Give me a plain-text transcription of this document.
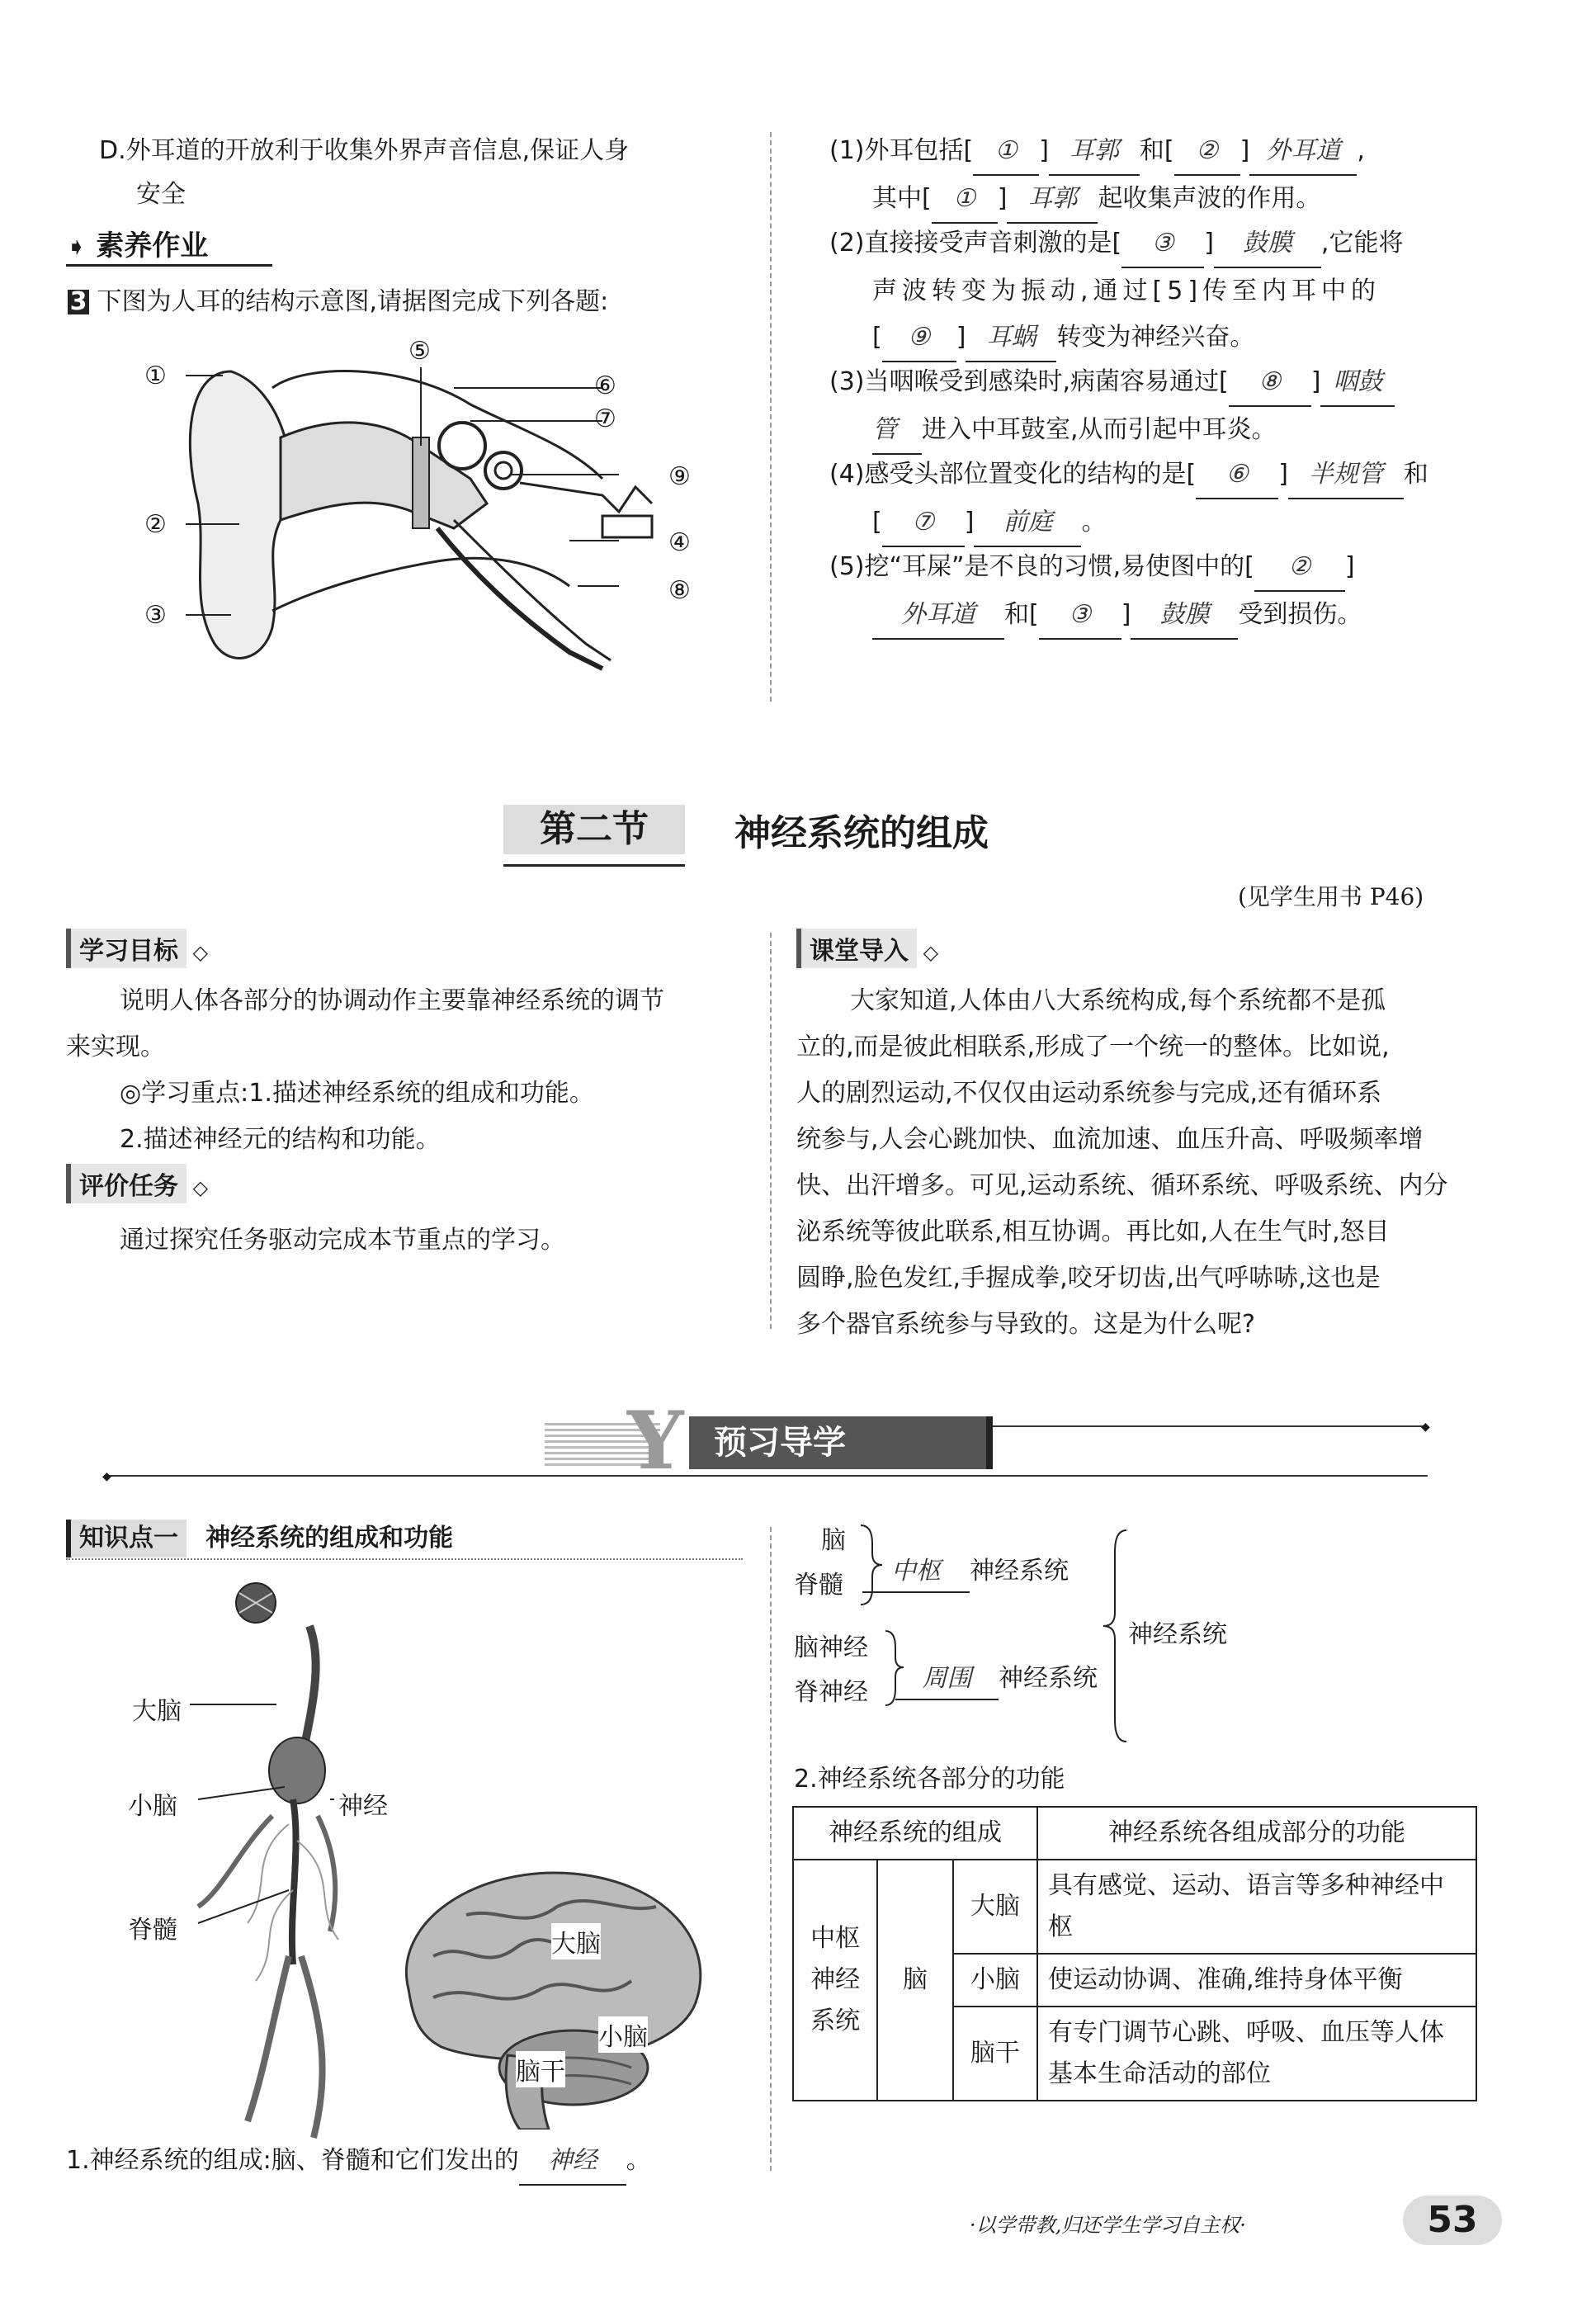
D.外耳道的开放利于收集外界声音信息,保证人身
安全
➧ 素养作业
3 下图为人耳的结构示意图,请据图完成下列各题:
①
②
③
④
⑤
⑥
⑦
⑧
⑨
(1)外耳包括[ ① ] 耳郭 和[ ② ] 外耳道 ,
其中[ ① ] 耳郭 起收集声波的作用。
(2)直接接受声音刺激的是[ ③ ] 鼓膜 ,它能将
声波转变为振动,通过[5]传至内耳中的
[ ⑨ ] 耳蜗 转变为神经兴奋。
(3)当咽喉受到感染时,病菌容易通过[ ⑧ ] 咽鼓
管 进入中耳鼓室,从而引起中耳炎。
(4)感受头部位置变化的结构的是[ ⑥ ] 半规管 和
[ ⑦ ] 前庭 。
(5)挖“耳屎”是不良的习惯,易使图中的[ ② ]
外耳道 和[ ③ ] 鼓膜 受到损伤。
第二节	神经系统的组成
(见学生用书 P46)
学习目标 ◇
说明人体各部分的协调动作主要靠神经系统的调节
来实现。
◎学习重点:1.描述神经系统的组成和功能。
2.描述神经元的结构和功能。
评价任务 ◇
通过探究任务驱动完成本节重点的学习。
课堂导入 ◇
大家知道,人体由八大系统构成,每个系统都不是孤
立的,而是彼此相联系,形成了一个统一的整体。比如说,
人的剧烈运动,不仅仅由运动系统参与完成,还有循环系
统参与,人会心跳加快、血流加速、血压升高、呼吸频率增
快、出汗增多。可见,运动系统、循环系统、呼吸系统、内分
泌系统等彼此联系,相互协调。再比如,人在生气时,怒目
圆睁,脸色发红,手握成拳,咬牙切齿,出气呼哧哧,这也是
多个器官系统参与导致的。这是为什么呢?
◆
◆
Y 预习导学
知识点一 神经系统的组成和功能
大脑
小脑	神经
脊髓	大脑
小脑
脑干
1.神经系统的组成:脑、脊髓和它们发出的 神经 。
脑
脊髓
脑神经
脊神经
中枢 神经系统
周围 神经系统
神经系统
2.神经系统各部分的功能
神经系统的组成			神经系统各组成部分的功能
中枢
神经
系统	脑	大脑	具有感觉、运动、语言等多种神经中枢
		小脑	使运动协调、准确,维持身体平衡
		脑干	有专门调节心跳、呼吸、血压等人体基本生命活动的部位
·以学带教,归还学生学习自主权·	53
